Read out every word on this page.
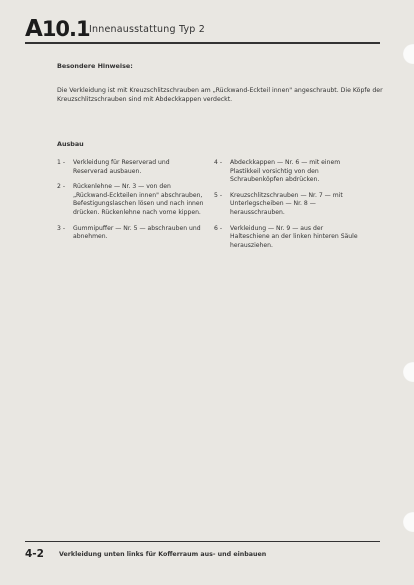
A10.1 Innenausstattung Typ 2
Besondere Hinweise:
Die Verkleidung ist mit Kreuzschlitzschrauben am „Rückwand-Eckteil innen" angeschraubt. Die Köpfe der Kreuzschlitzschrauben sind mit Abdeckkappen verdeckt.
Ausbau
1 -	Verkleidung für Reserverad und Reserverad ausbauen.
2 -	Rückenlehne — Nr. 3 — von den „Rückwand-Eckteilen innen" abschrauben, Befestigungslaschen lösen und nach innen drücken. Rückenlehne nach vorne kippen.
3 -	Gummipuffer — Nr. 5 — abschrauben und abnehmen.
4 -	Abdeckkappen — Nr. 6 — mit einem Plastikkeil vorsichtig von den Schraubenköpfen abdrücken.
5 -	Kreuzschlitzschrauben — Nr. 7 — mit Unterlegscheiben — Nr. 8 — herausschrauben.
6 -	Verkleidung — Nr. 9 — aus der Halteschiene an der linken hinteren Säule herausziehen.
4-2 Verkleidung unten links für Kofferraum aus- und einbauen
